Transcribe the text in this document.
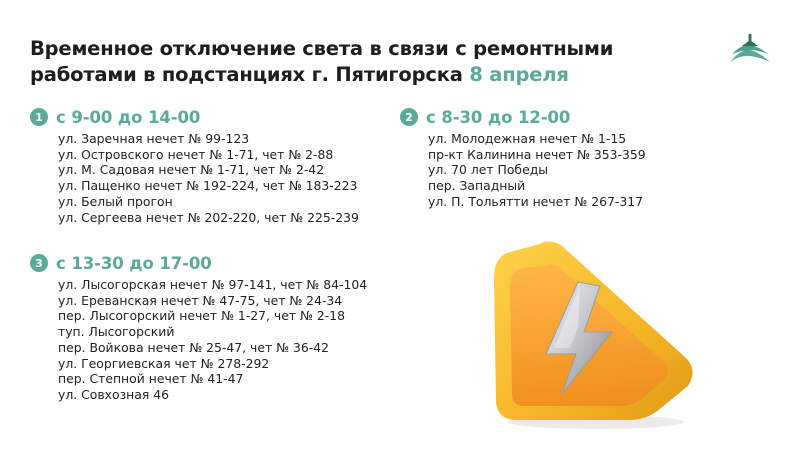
Временное отключение света в связи с ремонтными работами в подстанциях г. Пятигорска 8 апреля
1 с 9-00 до 14-00
ул. Заречная нечет № 99-123
ул. Островского нечет № 1-71, чет № 2-88
ул. М. Садовая нечет № 1-71, чет № 2-42
ул. Пащенко нечет № 192-224, чет № 183-223
ул. Белый прогон
ул. Сергеева нечет № 202-220, чет № 225-239
2 с 8-30 до 12-00
ул. Молодежная нечет № 1-15
пр-кт Калинина нечет № 353-359
ул. 70 лет Победы
пер. Западный
ул. П. Тольятти нечет № 267-317
3 с 13-30 до 17-00
ул. Лысогорская нечет № 97-141, чет № 84-104
ул. Ереванская нечет № 47-75, чет № 24-34
пер. Лысогорский нечет № 1-27, чет № 2-18
туп. Лысогорский
пер. Войкова нечет № 25-47, чет № 36-42
ул. Георгиевская чет № 278-292
пер. Степной нечет № 41-47
ул. Совхозная 46
